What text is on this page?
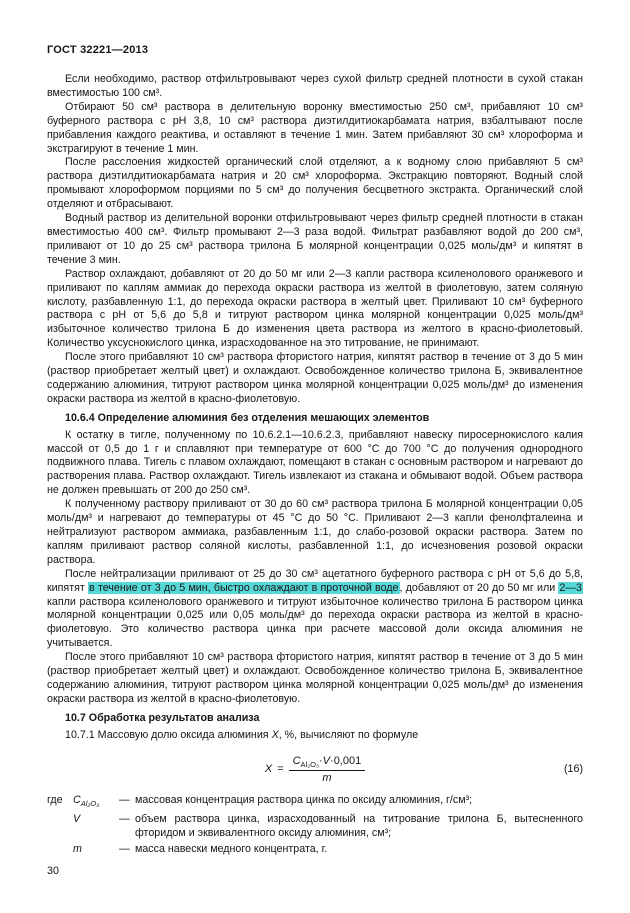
ГОСТ 32221—2013

Если необходимо, раствор отфильтровывают через сухой фильтр средней плотности в сухой стакан вместимостью 100 см³.

Отбирают 50 см³ раствора в делительную воронку вместимостью 250 см³, прибавляют 10 см³ буферного раствора с pH 3,8, 10 см³ раствора диэтилдитиокарбамата натрия, взбалтывают после прибавления каждого реактива, и оставляют в течение 1 мин. Затем прибавляют 30 см³ хлороформа и экстрагируют в течение 1 мин.

После расслоения жидкостей органический слой отделяют, а к водному слою прибавляют 5 см³ раствора диэтилдитиокарбамата натрия и 20 см³ хлороформа. Экстракцию повторяют. Водный слой промывают хлороформом порциями по 5 см³ до получения бесцветного экстракта. Органический слой отделяют и отбрасывают.

Водный раствор из делительной воронки отфильтровывают через фильтр средней плотности в стакан вместимостью 400 см³. Фильтр промывают 2—3 раза водой. Фильтрат разбавляют водой до 200 см³, приливают от 10 до 25 см³ раствора трилона Б молярной концентрации 0,025 моль/дм³ и кипятят в течение 3 мин.

Раствор охлаждают, добавляют от 20 до 50 мг или 2—3 капли раствора ксиленолового оранжевого и приливают по каплям аммиак до перехода окраски раствора из желтой в фиолетовую, затем соляную кислоту, разбавленную 1:1, до перехода окраски раствора в желтый цвет. Приливают 10 см³ буферного раствора с pH от 5,6 до 5,8 и титруют раствором цинка молярной концентрации 0,025 моль/дм³ избыточное количество трилона Б до изменения цвета раствора из желтого в красно-фиолетовый. Количество уксуснокислого цинка, израсходованное на это титрование, не принимают.

После этого прибавляют 10 см³ раствора фтористого натрия, кипятят раствор в течение от 3 до 5 мин (раствор приобретает желтый цвет) и охлаждают. Освобожденное количество трилона Б, эквивалентное содержанию алюминия, титруют раствором цинка молярной концентрации 0,025 моль/дм³ до изменения окраски раствора из желтой в красно-фиолетовую.

10.6.4 Определение алюминия без отделения мешающих элементов

К остатку в тигле, полученному по 10.6.2.1—10.6.2.3, прибавляют навеску пиросернокислого калия массой от 0,5 до 1 г и сплавляют при температуре от 600 °С до 700 °С до получения однородного подвижного плава. Тигель с плавом охлаждают, помещают в стакан с основным раствором и нагревают до растворения плава. Раствор охлаждают. Тигель извлекают из стакана и обмывают водой. Объем раствора не должен превышать от 200 до 250 см³.

К полученному раствору приливают от 30 до 60 см³ раствора трилона Б молярной концентрации 0,05 моль/дм³ и нагревают до температуры от 45 °С до 50 °С. Приливают 2—3 капли фенолфталеина и нейтрализуют раствором аммиака, разбавленным 1:1, до слабо-розовой окраски раствора. Затем по каплям приливают раствор соляной кислоты, разбавленной 1:1, до исчезновения розовой окраски раствора.

После нейтрализации приливают от 25 до 30 см³ ацетатного буферного раствора с pH от 5,6 до 5,8, кипятят в течение от 3 до 5 мин, быстро охлаждают в проточной воде, добавляют от 20 до 50 мг или 2—3 капли раствора ксиленолового оранжевого и титруют избыточное количество трилона Б раствором цинка молярной концентрации 0,025 или 0,05 моль/дм³ до перехода окраски раствора из желтой в красно-фиолетовую. Это количество раствора цинка при расчете массовой доли оксида алюминия не учитывается.

После этого прибавляют 10 см³ раствора фтористого натрия, кипятят раствор в течение от 3 до 5 мин (раствор приобретает желтый цвет) и охлаждают. Освобожденное количество трилона Б, эквивалентное содержанию алюминия, титруют раствором цинка молярной концентрации 0,025 моль/дм³ до изменения окраски раствора из желтой в красно-фиолетовую.

10.7 Обработка результатов анализа

10.7.1 Массовую долю оксида алюминия X, %, вычисляют по формуле

$X = \frac{C_{Al_2O_3}\cdot V\cdot 0,001}{m}$	(16)
где $C_{Al_2O_3}$	— массовая концентрация раствора цинка по оксиду алюминия, г/см³;
V	— объем раствора цинка, израсходованный на титрование трилона Б, вытесненного фторидом и эквивалентного оксиду алюминия, см³;
m	— масса навески медного концентрата, г.
30
